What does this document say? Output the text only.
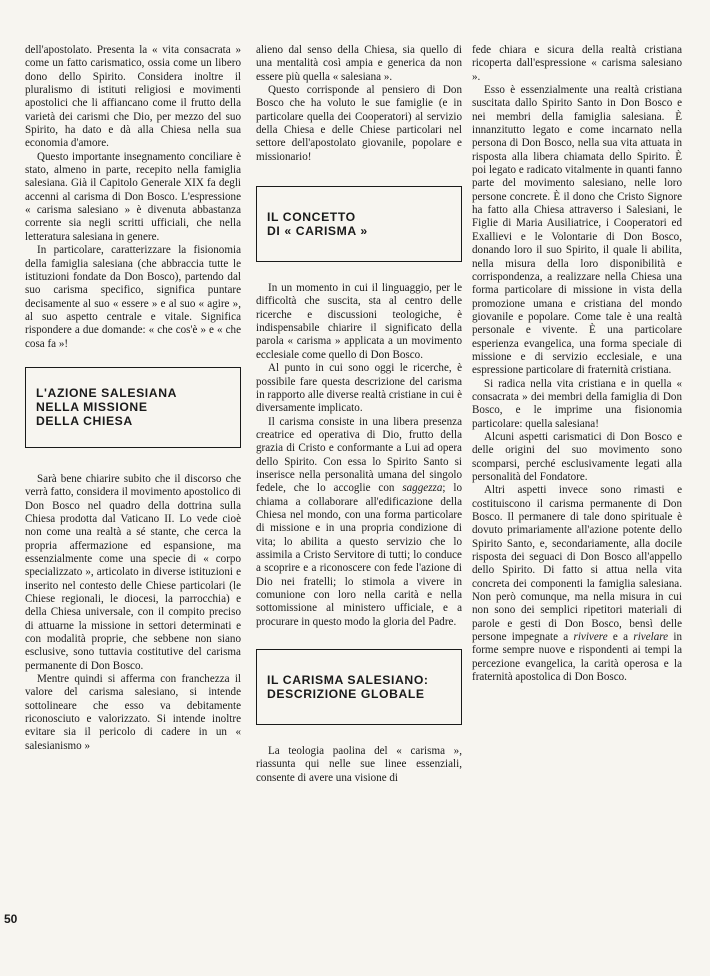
dell'apostolato. Presenta la « vita consacrata » come un fatto carismatico, ossia come un libero dono dello Spirito. Considera inoltre il pluralismo di istituti religiosi e movimenti apostolici che li affiancano come il frutto della varietà dei carismi che Dio, per mezzo del suo Spirito, ha dato e dà alla Chiesa nella sua economia d'amore.

Questo importante insegnamento conciliare è stato, almeno in parte, recepito nella famiglia salesiana. Già il Capitolo Generale XIX fa degli accenni al carisma di Don Bosco. L'espressione « carisma salesiano » è divenuta abbastanza corrente sia negli scritti ufficiali, che nella letteratura salesiana in genere.

In particolare, caratterizzare la fisionomia della famiglia salesiana (che abbraccia tutte le istituzioni fondate da Don Bosco), partendo dal suo carisma specifico, significa puntare decisamente al suo « essere » e al suo « agire », al suo aspetto centrale e vitale. Significa rispondere a due domande: « che cos'è » e « che cosa fa »!

L'AZIONE SALESIANA
NELLA MISSIONE
DELLA CHIESA

Sarà bene chiarire subito che il discorso che verrà fatto, considera il movimento apostolico di Don Bosco nel quadro della dottrina sulla Chiesa prodotta dal Vaticano II. Lo vede cioè non come una realtà a sé stante, che cerca la propria affermazione ed espansione, ma essenzialmente come una specie di « corpo specializzato », articolato in diverse istituzioni e inserito nel contesto delle Chiese particolari (le Chiese regionali, le diocesi, la parrocchia) e della Chiesa universale, con il compito preciso di attuarne la missione in settori determinati e con modalità proprie, che sebbene non siano esclusive, sono tuttavia costitutive del carisma permanente di Don Bosco.

Mentre quindi si afferma con franchezza il valore del carisma salesiano, si intende sottolineare che esso va debitamente riconosciuto e valorizzato. Si intende inoltre evitare sia il pericolo di cadere in un « salesianismo »

alieno dal senso della Chiesa, sia quello di una mentalità così ampia e generica da non essere più quella « salesiana ».

Questo corrisponde al pensiero di Don Bosco che ha voluto le sue famiglie (e in particolare quella dei Cooperatori) al servizio della Chiesa e delle Chiese particolari nel settore dell'apostolato giovanile, popolare e missionario!

IL CONCETTO
DI « CARISMA »

In un momento in cui il linguaggio, per le difficoltà che suscita, sta al centro delle ricerche e discussioni teologiche, è indispensabile chiarire il significato della parola « carisma » applicata a un movimento ecclesiale come quello di Don Bosco.

Al punto in cui sono oggi le ricerche, è possibile fare questa descrizione del carisma in rapporto alle diverse realtà cristiane in cui è diversamente implicato.

Il carisma consiste in una libera presenza creatrice ed operativa di Dio, frutto della grazia di Cristo e conformante a Lui ad opera dello Spirito. Con essa lo Spirito Santo si inserisce nella personalità umana del singolo fedele, che lo accoglie con saggezza; lo chiama a collaborare all'edificazione della Chiesa nel mondo, con una forma particolare di missione e in una propria condizione di vita; lo abilita a questo servizio che lo assimila a Cristo Servitore di tutti; lo conduce a scoprire e a riconoscere con fede l'azione di Dio nei fratelli; lo stimola a vivere in comunione con loro nella carità e nella sottomissione al ministero ufficiale, e a procurare in questo modo la gloria del Padre.

IL CARISMA SALESIANO:
DESCRIZIONE GLOBALE

La teologia paolina del « carisma », riassunta qui nelle sue linee essenziali, consente di avere una visione di

fede chiara e sicura della realtà cristiana ricoperta dall'espressione « carisma salesiano ».

Esso è essenzialmente una realtà cristiana suscitata dallo Spirito Santo in Don Bosco e nei membri della famiglia salesiana. È innanzitutto legato e come incarnato nella persona di Don Bosco, nella sua vita attuata in risposta alla libera chiamata dello Spirito. È poi legato e radicato vitalmente in quanti fanno parte del movimento salesiano, nelle loro persone concrete. È il dono che Cristo Signore ha fatto alla Chiesa attraverso i Salesiani, le Figlie di Maria Ausiliatrice, i Cooperatori ed Exallievi e le Volontarie di Don Bosco, donando loro il suo Spirito, il quale li abilita, nella misura della loro disponibilità e corrispondenza, a realizzare nella Chiesa una forma particolare di missione in vista della promozione umana e cristiana del mondo giovanile e popolare. Come tale è una realtà personale e vivente. È una particolare esperienza evangelica, una forma speciale di missione e di servizio ecclesiale, e una espressione particolare di fraternità cristiana.

Si radica nella vita cristiana e in quella « consacrata » dei membri della famiglia di Don Bosco, e le imprime una fisionomia particolare: quella salesiana!

Alcuni aspetti carismatici di Don Bosco e delle origini del suo movimento sono scomparsi, perché esclusivamente legati alla personalità del Fondatore.

Altri aspetti invece sono rimasti e costituiscono il carisma permanente di Don Bosco. Il permanere di tale dono spirituale è dovuto primariamente all'azione potente dello Spirito Santo, e, secondariamente, alla docile risposta dei seguaci di Don Bosco all'appello dello Spirito. Di fatto si attua nella vita concreta dei componenti la famiglia salesiana. Non però comunque, ma nella misura in cui non sono dei semplici ripetitori materiali di parole e gesti di Don Bosco, bensì delle persone impegnate a rivivere e a rivelare in forme sempre nuove e rispondenti ai tempi la percezione evangelica, la carità operosa e la fraternità apostolica di Don Bosco.

50
